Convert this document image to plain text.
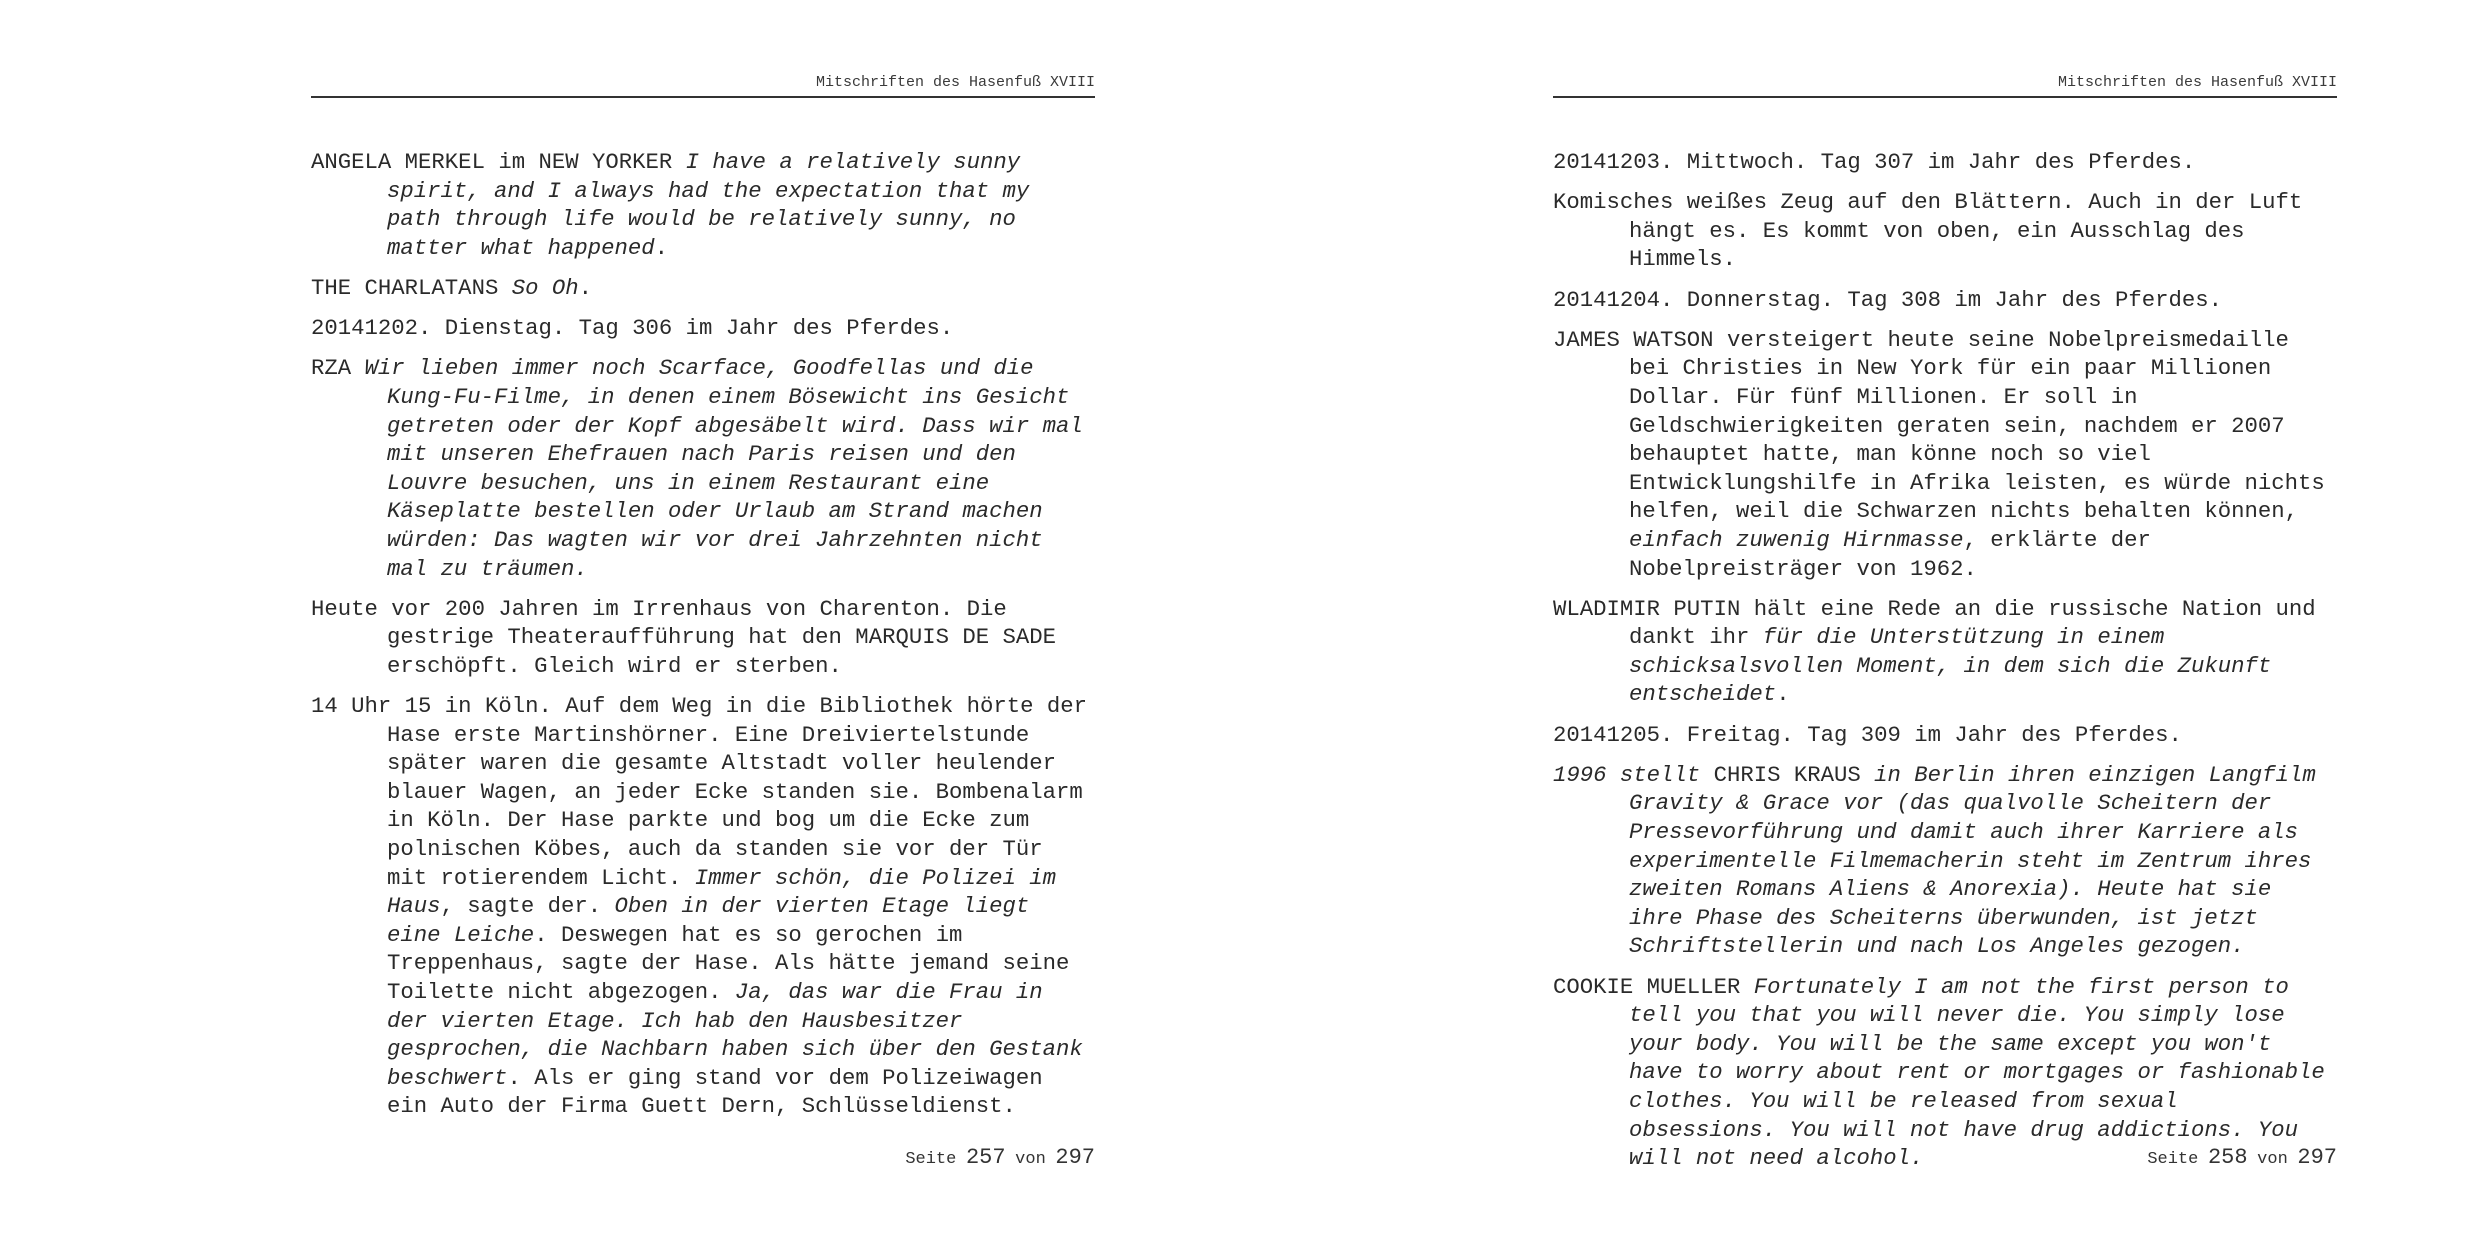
Mitschriften des Hasenfuß XVIII

ANGELA MERKEL im NEW YORKER I have a relatively sunny spirit, and I always had the expectation that my path through life would be relatively sunny, no matter what happened.

THE CHARLATANS So Oh.

20141202. Dienstag. Tag 306 im Jahr des Pferdes.

RZA Wir lieben immer noch Scarface, Goodfellas und die Kung-Fu-Filme, in denen einem Bösewicht ins Gesicht getreten oder der Kopf abgesäbelt wird. Dass wir mal mit unseren Ehefrauen nach Paris reisen und den Louvre besuchen, uns in einem Restaurant eine Käseplatte bestellen oder Urlaub am Strand machen würden: Das wagten wir vor drei Jahrzehnten nicht mal zu träumen.

Heute vor 200 Jahren im Irrenhaus von Charenton. Die gestrige Theateraufführung hat den MARQUIS DE SADE erschöpft. Gleich wird er sterben.

14 Uhr 15 in Köln. Auf dem Weg in die Bibliothek hörte der Hase erste Martinshörner. Eine Dreiviertelstunde später waren die gesamte Altstadt voller heulender blauer Wagen, an jeder Ecke standen sie. Bombenalarm in Köln. Der Hase parkte und bog um die Ecke zum polnischen Köbes, auch da standen sie vor der Tür mit rotierendem Licht. Immer schön, die Polizei im Haus, sagte der. Oben in der vierten Etage liegt eine Leiche. Deswegen hat es so gerochen im Treppenhaus, sagte der Hase. Als hätte jemand seine Toilette nicht abgezogen. Ja, das war die Frau in der vierten Etage. Ich hab den Hausbesitzer gesprochen, die Nachbarn haben sich über den Gestank beschwert. Als er ging stand vor dem Polizeiwagen ein Auto der Firma Guett Dern, Schlüsseldienst.

Seite 257 von 297
Mitschriften des Hasenfuß XVIII

20141203. Mittwoch. Tag 307 im Jahr des Pferdes.

Komisches weißes Zeug auf den Blättern. Auch in der Luft hängt es. Es kommt von oben, ein Ausschlag des Himmels.

20141204. Donnerstag. Tag 308 im Jahr des Pferdes.

JAMES WATSON versteigert heute seine Nobelpreismedaille bei Christies in New York für ein paar Millionen Dollar. Für fünf Millionen. Er soll in Geldschwierigkeiten geraten sein, nachdem er 2007 behauptet hatte, man könne noch so viel Entwicklungshilfe in Afrika leisten, es würde nichts helfen, weil die Schwarzen nichts behalten können, einfach zuwenig Hirnmasse, erklärte der Nobelpreisträger von 1962.

WLADIMIR PUTIN hält eine Rede an die russische Nation und dankt ihr für die Unterstützung in einem schicksalsvollen Moment, in dem sich die Zukunft entscheidet.

20141205. Freitag. Tag 309 im Jahr des Pferdes.

1996 stellt CHRIS KRAUS in Berlin ihren einzigen Langfilm Gravity & Grace vor (das qualvolle Scheitern der Pressevorführung und damit auch ihrer Karriere als experimentelle Filmemacherin steht im Zentrum ihres zweiten Romans Aliens & Anorexia). Heute hat sie ihre Phase des Scheiterns überwunden, ist jetzt Schriftstellerin und nach Los Angeles gezogen.

COOKIE MUELLER Fortunately I am not the first person to tell you that you will never die. You simply lose your body. You will be the same except you won't have to worry about rent or mortgages or fashionable clothes. You will be released from sexual obsessions. You will not have drug addictions. You will not need alcohol.	Seite 258 von 297
